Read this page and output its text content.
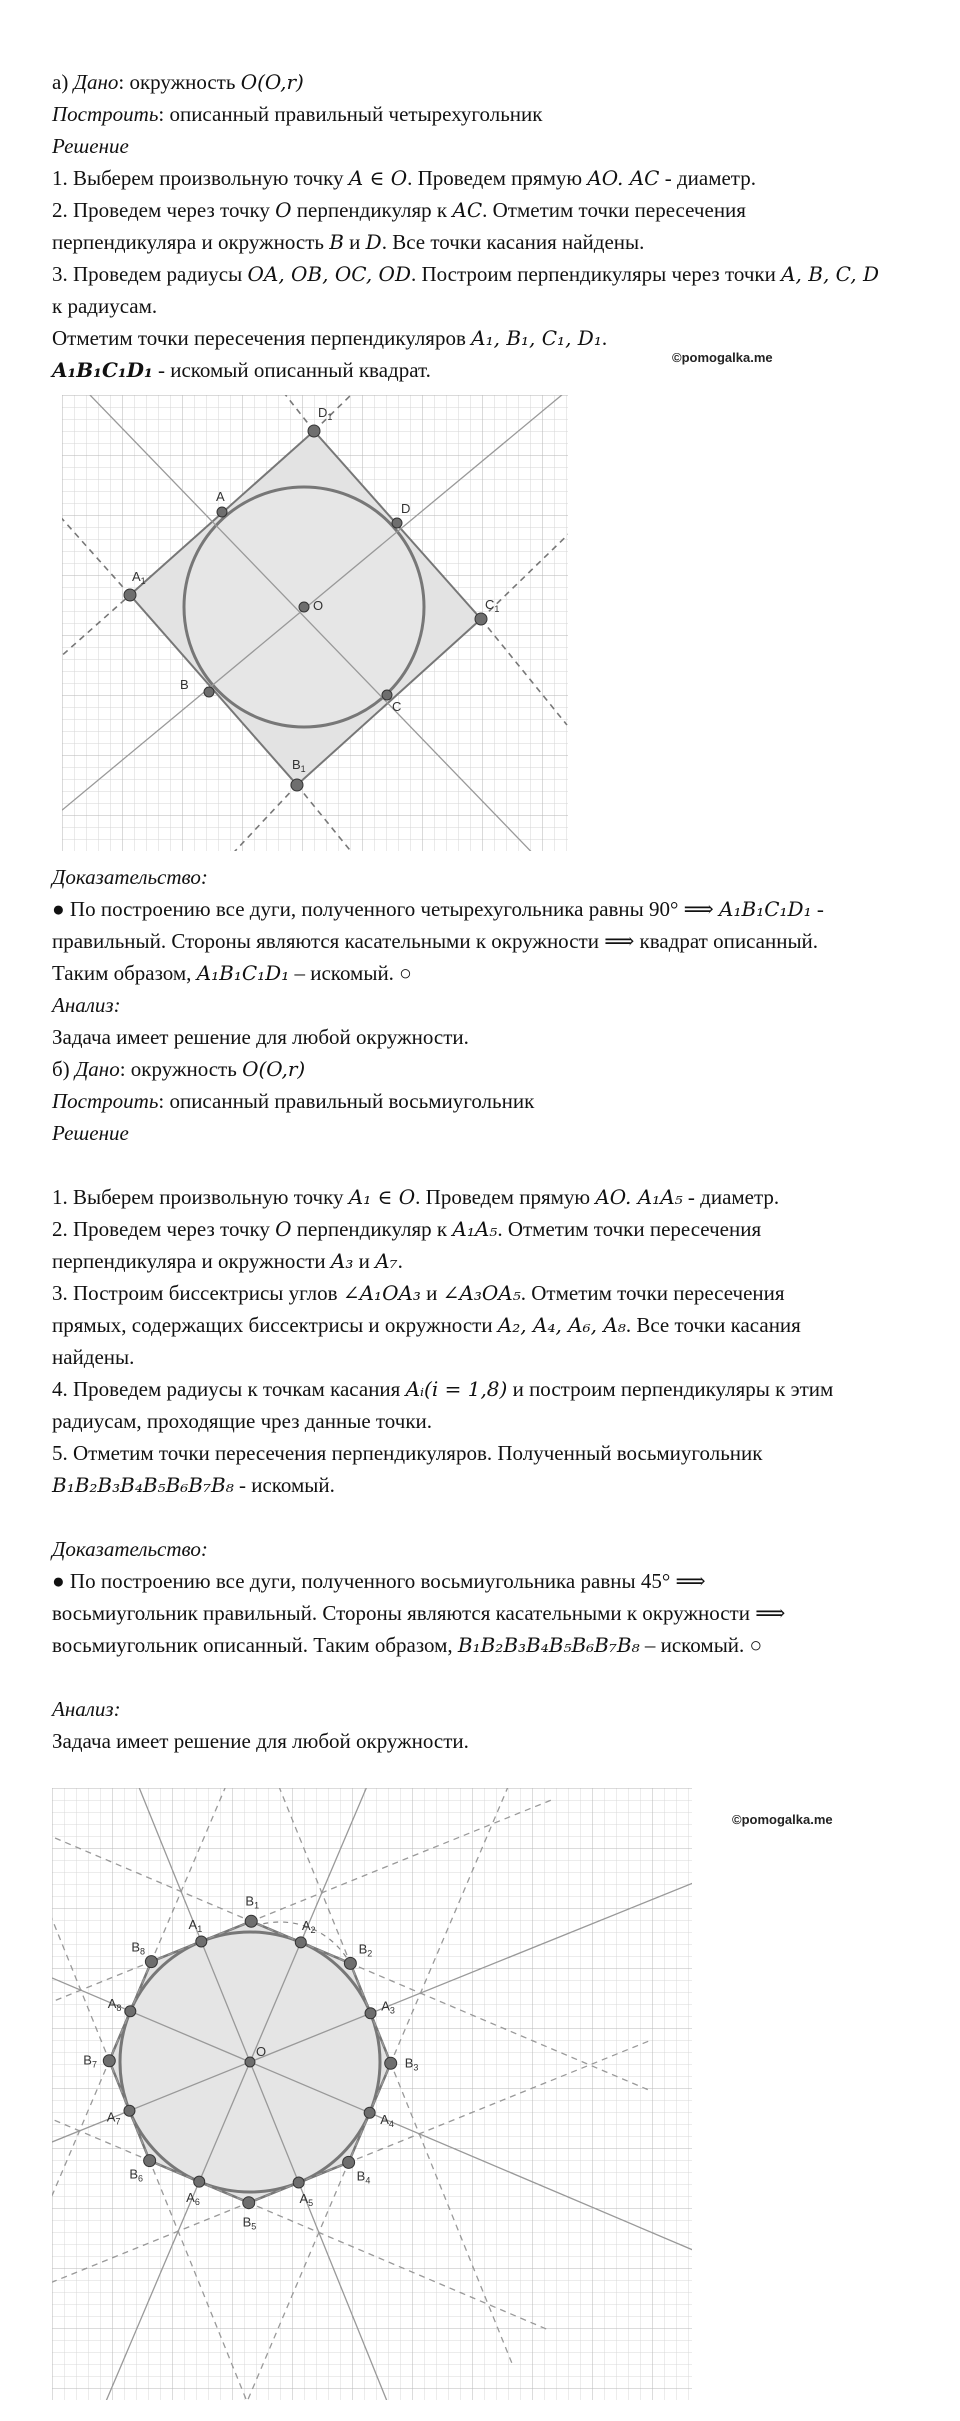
а) Дано: окружность O(O,r)
Построить: описанный правильный четырехугольник
Решение
1. Выберем произвольную точку A ∈ O. Проведем прямую AO. AC - диаметр.
2. Проведем через точку O перпендикуляр к AC. Отметим точки пересечения
перпендикуляра и окружность B и D. Все точки касания найдены.
3. Проведем радиусы OA, OB, OC, OD. Построим перпендикуляры через точки A, B, C, D
к радиусам.
Отметим точки пересечения перпендикуляров A₁, B₁, C₁, D₁.
©pomogalka.me
A₁B₁C₁D₁ - искомый описанный квадрат.
A
D
C
B
O
$A_1$
$D_1$
$C_1$
$B_1$
Доказательство:
● По построению все дуги, полученного четырехугольника равны 90° ⟹ A₁B₁C₁D₁ -
правильный. Стороны являются касательными к окружности ⟹ квадрат описанный.
Таким образом, A₁B₁C₁D₁ – искомый. ○
Анализ:
Задача имеет решение для любой окружности.
б) Дано: окружность O(O,r)
Построить: описанный правильный восьмиугольник
Решение
1. Выберем произвольную точку A₁ ∈ O. Проведем прямую AO. A₁A₅ - диаметр.
2. Проведем через точку O перпендикуляр к A₁A₅. Отметим точки пересечения
перпендикуляра и окружности A₃ и A₇.
3. Построим биссектрисы углов ∠A₁OA₃ и ∠A₃OA₅. Отметим точки пересечения
прямых, содержащих биссектрисы и окружности A₂, A₄, A₆, A₈. Все точки касания
найдены.
4. Проведем радиусы к точкам касания Aᵢ(i = 1,8) и построим перпендикуляры к этим
радиусам, проходящие чрез данные точки.
5. Отметим точки пересечения перпендикуляров. Полученный восьмиугольник
B₁B₂B₃B₄B₅B₆B₇B₈ - искомый.
Доказательство:
● По построению все дуги, полученного восьмиугольника равны 45° ⟹
восьмиугольник правильный. Стороны являются касательными к окружности ⟹
восьмиугольник описанный. Таким образом, B₁B₂B₃B₄B₅B₆B₇B₈ – искомый. ○
Анализ:
Задача имеет решение для любой окружности.
©pomogalka.me
O
$A_1$
$B_1$
$A_2$
$B_2$
$A_3$
$B_3$
$A_4$
$B_4$
$A_5$
$B_5$
$A_6$
$B_6$
$A_7$
$B_7$
$A_8$
$B_8$
